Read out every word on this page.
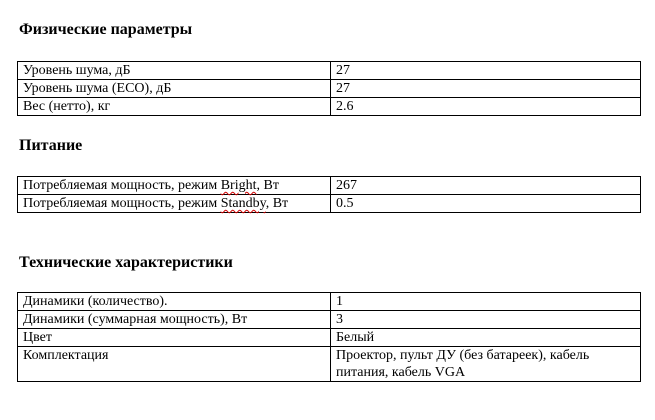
Физические параметры
Уровень шума, дБ	27
Уровень шума (ECO), дБ	27
Вес (нетто), кг	2.6
Питание
Потребляемая мощность, режим Bright, Вт	267
Потребляемая мощность, режим Standby, Вт	0.5
Технические характеристики
Динамики (количество).	1
Динамики (суммарная мощность), Вт	3
Цвет	Белый
Комплектация	Проектор, пульт ДУ (без батареек), кабель питания, кабель VGA
